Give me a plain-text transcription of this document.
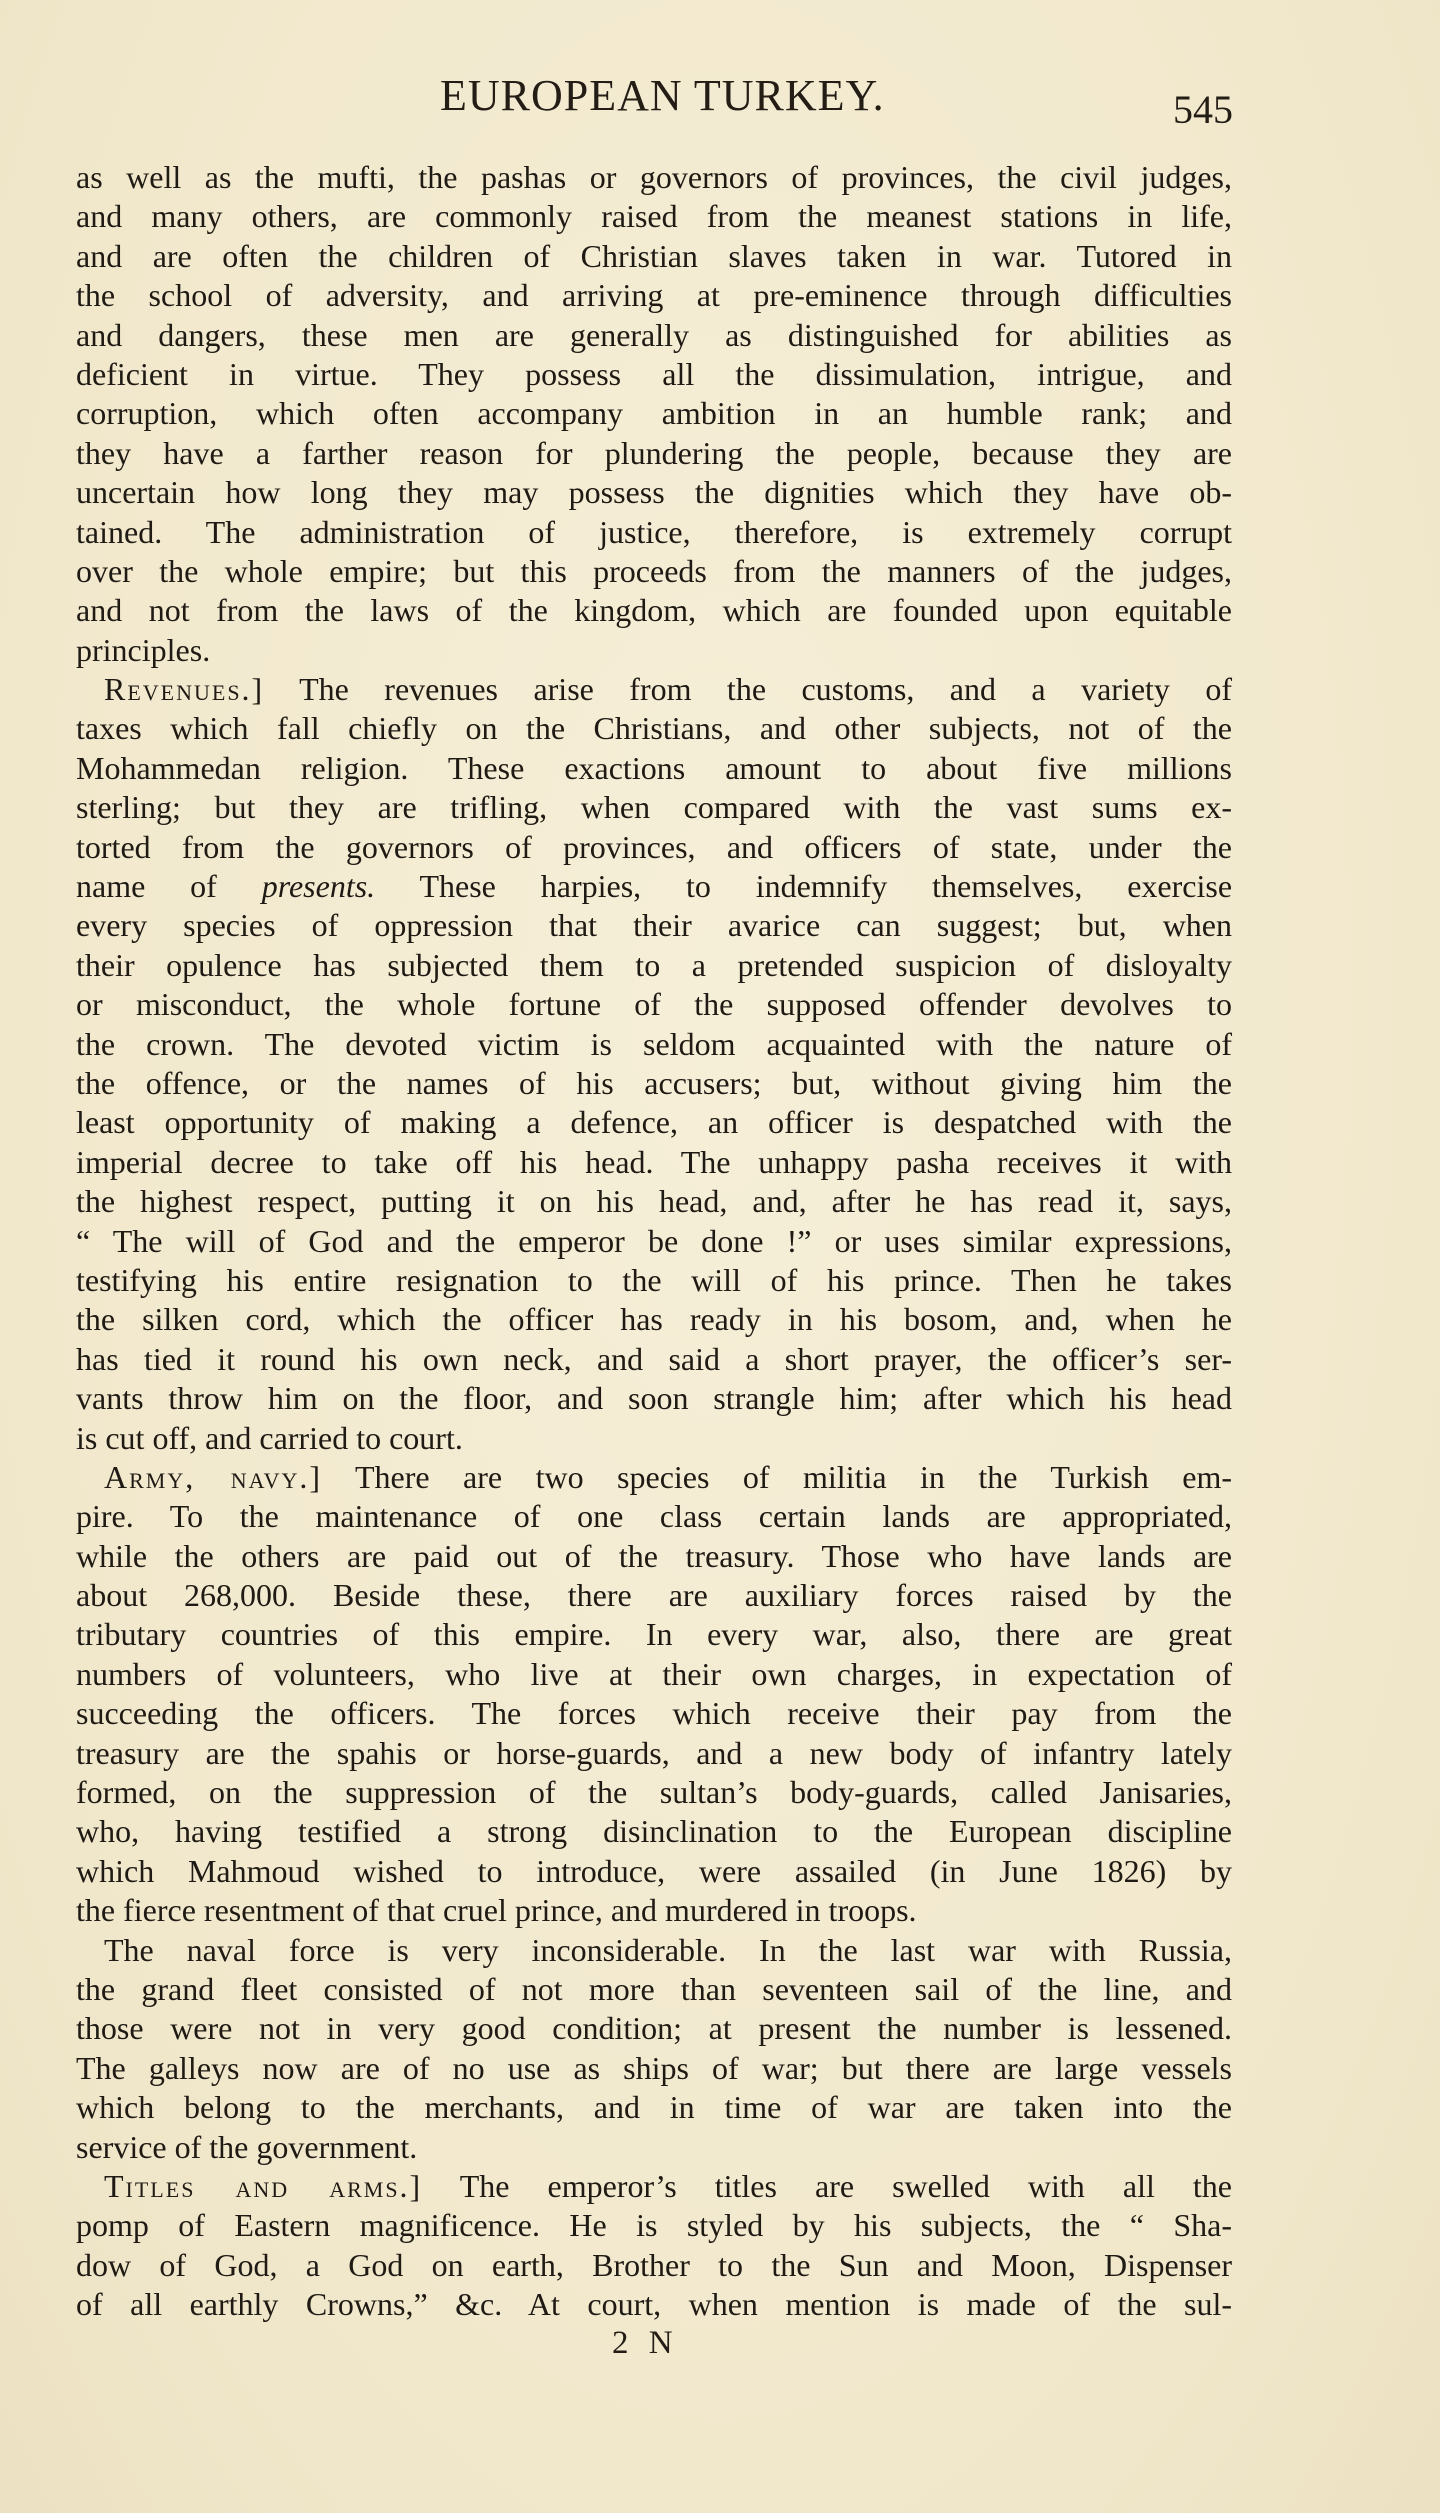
EUROPEAN TURKEY.	545
as well as the mufti, the pashas or governors of provinces, the civil judges,
and many others, are commonly raised from the meanest stations in life,
and are often the children of Christian slaves taken in war. Tutored in
the school of adversity, and arriving at pre-eminence through difficulties
and dangers, these men are generally as distinguished for abilities as
deficient in virtue. They possess all the dissimulation, intrigue, and
corruption, which often accompany ambition in an humble rank; and
they have a farther reason for plundering the people, because they are
uncertain how long they may possess the dignities which they have ob-
tained. The administration of justice, therefore, is extremely corrupt
over the whole empire; but this proceeds from the manners of the judges,
and not from the laws of the kingdom, which are founded upon equitable
principles.
Revenues.] The revenues arise from the customs, and a variety of
taxes which fall chiefly on the Christians, and other subjects, not of the
Mohammedan religion. These exactions amount to about five millions
sterling; but they are trifling, when compared with the vast sums ex-
torted from the governors of provinces, and officers of state, under the
name of presents. These harpies, to indemnify themselves, exercise
every species of oppression that their avarice can suggest; but, when
their opulence has subjected them to a pretended suspicion of disloyalty
or misconduct, the whole fortune of the supposed offender devolves to
the crown. The devoted victim is seldom acquainted with the nature of
the offence, or the names of his accusers; but, without giving him the
least opportunity of making a defence, an officer is despatched with the
imperial decree to take off his head. The unhappy pasha receives it with
the highest respect, putting it on his head, and, after he has read it, says,
“ The will of God and the emperor be done !” or uses similar expressions,
testifying his entire resignation to the will of his prince. Then he takes
the silken cord, which the officer has ready in his bosom, and, when he
has tied it round his own neck, and said a short prayer, the officer’s ser-
vants throw him on the floor, and soon strangle him; after which his head
is cut off, and carried to court.
Army, navy.] There are two species of militia in the Turkish em-
pire. To the maintenance of one class certain lands are appropriated,
while the others are paid out of the treasury. Those who have lands are
about 268,000. Beside these, there are auxiliary forces raised by the
tributary countries of this empire. In every war, also, there are great
numbers of volunteers, who live at their own charges, in expectation of
succeeding the officers. The forces which receive their pay from the
treasury are the spahis or horse-guards, and a new body of infantry lately
formed, on the suppression of the sultan’s body-guards, called Janisaries,
who, having testified a strong disinclination to the European discipline
which Mahmoud wished to introduce, were assailed (in June 1826) by
the fierce resentment of that cruel prince, and murdered in troops.
The naval force is very inconsiderable. In the last war with Russia,
the grand fleet consisted of not more than seventeen sail of the line, and
those were not in very good condition; at present the number is lessened.
The galleys now are of no use as ships of war; but there are large vessels
which belong to the merchants, and in time of war are taken into the
service of the government.
Titles and arms.] The emperor’s titles are swelled with all the
pomp of Eastern magnificence. He is styled by his subjects, the “ Sha-
dow of God, a God on earth, Brother to the Sun and Moon, Dispenser
of all earthly Crowns,” &c. At court, when mention is made of the sul-
2 N
